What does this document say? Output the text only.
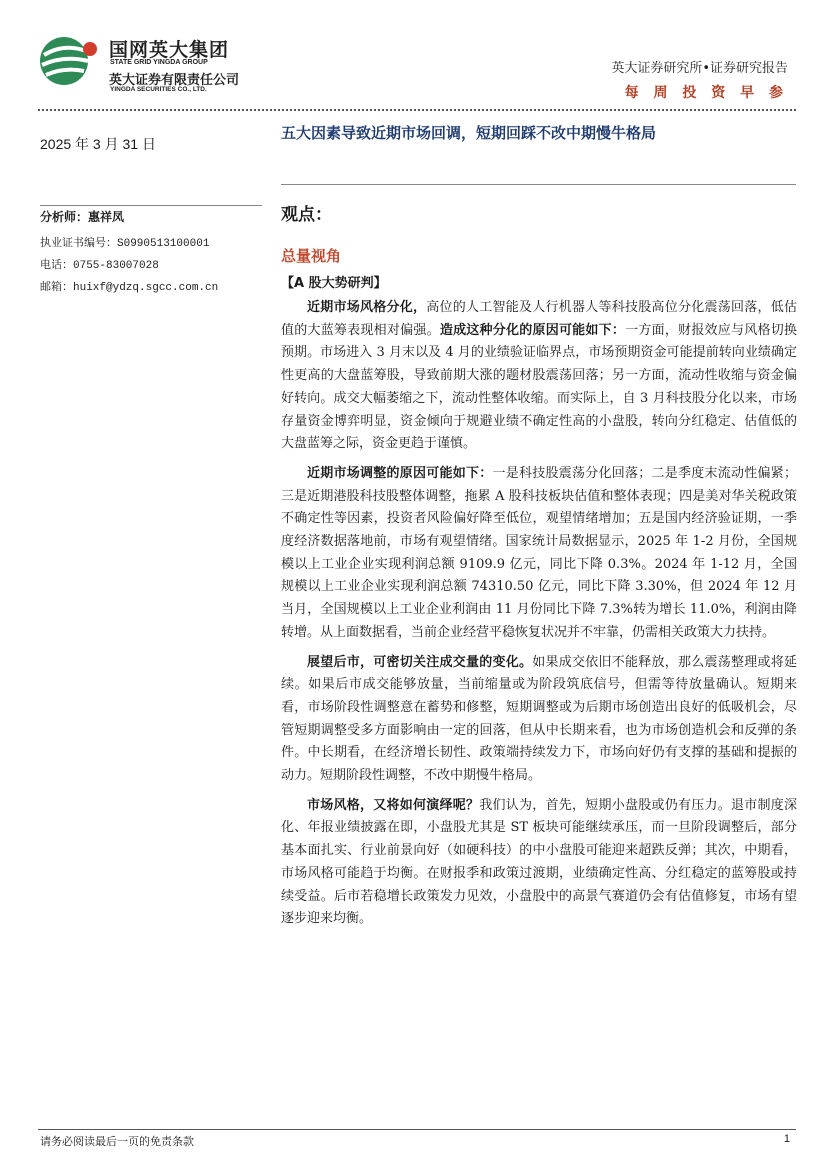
国网英大集团
STATE GRID YINGDA GROUP
英大证券有限责任公司
YINGDA SECURITIES CO., LTD.
英大证券研究所•证券研究报告
每 周 投 资 早 参
2025 年 3 月 31 日
五大因素导致近期市场回调，短期回踩不改中期慢牛格局
分析师：惠祥凤
执业证书编号：S0990513100001
电话：0755-83007028
邮箱：huixf@ydzq.sgcc.com.cn
观点：
总量视角
【A 股大势研判】

近期市场风格分化，高位的人工智能及人行机器人等科技股高位分化震荡回落，低估值的大蓝筹表现相对偏强。造成这种分化的原因可能如下：一方面，财报效应与风格切换预期。市场进入 3 月末以及 4 月的业绩验证临界点，市场预期资金可能提前转向业绩确定性更高的大盘蓝筹股，导致前期大涨的题材股震荡回落；另一方面，流动性收缩与资金偏好转向。成交大幅萎缩之下，流动性整体收缩。而实际上，自 3 月科技股分化以来，市场存量资金博弈明显，资金倾向于规避业绩不确定性高的小盘股，转向分红稳定、估值低的大盘蓝筹之际，资金更趋于谨慎。

近期市场调整的原因可能如下：一是科技股震荡分化回落；二是季度末流动性偏紧；三是近期港股科技股整体调整，拖累 A 股科技板块估值和整体表现；四是美对华关税政策不确定性等因素，投资者风险偏好降至低位，观望情绪增加；五是国内经济验证期，一季度经济数据落地前，市场有观望情绪。国家统计局数据显示，2025 年 1-2 月份，全国规模以上工业企业实现利润总额 9109.9 亿元，同比下降 0.3%。2024 年 1-12 月，全国规模以上工业企业实现利润总额 74310.50 亿元，同比下降 3.30%，但 2024 年 12 月当月，全国规模以上工业企业利润由 11 月份同比下降 7.3%转为增长 11.0%，利润由降转增。从上面数据看，当前企业经营平稳恢复状况并不牢靠，仍需相关政策大力扶持。

展望后市，可密切关注成交量的变化。如果成交依旧不能释放，那么震荡整理或将延续。如果后市成交能够放量，当前缩量或为阶段筑底信号，但需等待放量确认。短期来看，市场阶段性调整意在蓄势和修整，短期调整或为后期市场创造出良好的低吸机会，尽管短期调整受多方面影响由一定的回落，但从中长期来看，也为市场创造机会和反弹的条件。中长期看，在经济增长韧性、政策端持续发力下，市场向好仍有支撑的基础和提振的动力。短期阶段性调整，不改中期慢牛格局。

市场风格，又将如何演绎呢？我们认为，首先，短期小盘股或仍有压力。退市制度深化、年报业绩披露在即，小盘股尤其是 ST 板块可能继续承压，而一旦阶段调整后，部分基本面扎实、行业前景向好（如硬科技）的中小盘股可能迎来超跌反弹；其次，中期看，市场风格可能趋于均衡。在财报季和政策过渡期，业绩确定性高、分红稳定的蓝筹股或持续受益。后市若稳增长政策发力见效，小盘股中的高景气赛道仍会有估值修复，市场有望逐步迎来均衡。

请务必阅读最后一页的免责条款	1
